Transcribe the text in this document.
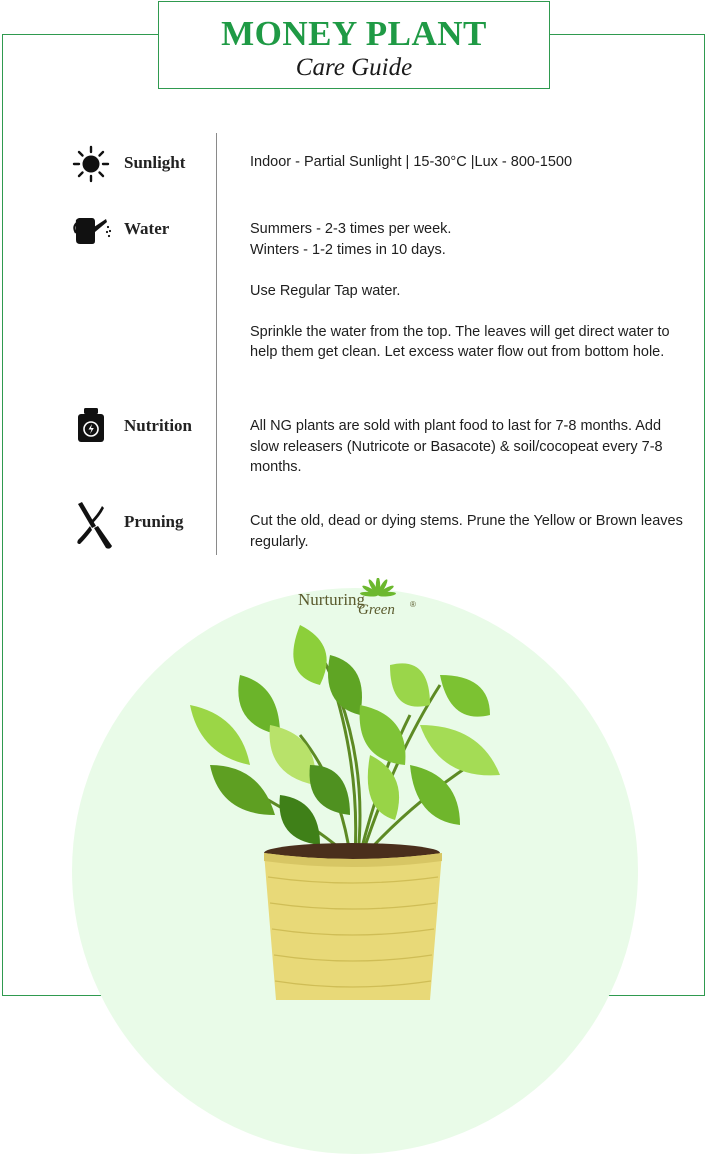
MONEY PLANT
Care Guide
Sunlight	Indoor - Partial Sunlight | 15-30°C |Lux - 800-1500

Water	Summers - 2-3 times per week.

Winters - 1-2 times in 10 days.

Use Regular Tap water.

Sprinkle the water from the top. The leaves will get direct water to help them get clean. Let excess water flow out from bottom hole.

Nutrition	All NG plants are sold with plant food to last for 7-8 months. Add slow releasers (Nutricote or Basacote) & soil/cocopeat every 7-8 months.

Pruning	Cut the old, dead or dying stems. Prune the Yellow or Brown leaves regularly.

Nurturing
Green ®
